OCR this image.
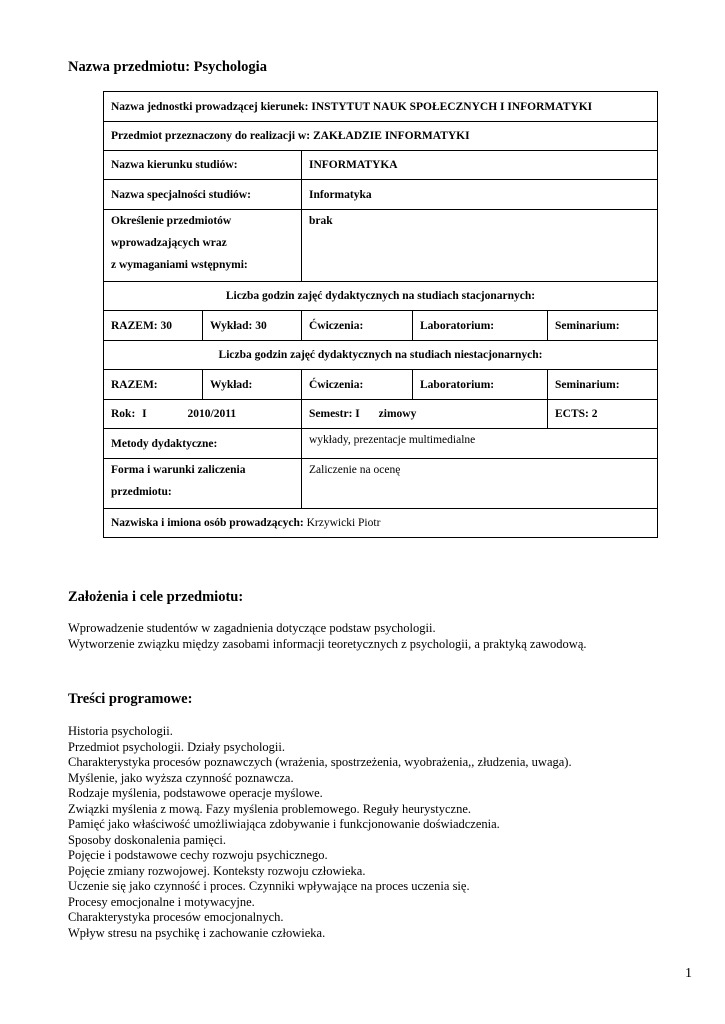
Nazwa przedmiotu: Psychologia
Nazwa jednostki prowadzącej kierunek: INSTYTUT NAUK SPOŁECZNYCH I INFORMATYKI				
Przedmiot przeznaczony do realizacji w: ZAKŁADZIE INFORMATYKI				
Nazwa kierunku studiów:		INFORMATYKA		
Nazwa specjalności studiów:		Informatyka		

Określenie przedmiotów
wprowadzających wraz
z wymaganiami wstępnymi:		brak		
Liczba godzin zajęć dydaktycznych na studiach stacjonarnych:				
RAZEM: 30	Wykład: 30	Ćwiczenia:	Laboratorium:	Seminarium:
Liczba godzin zajęć dydaktycznych na studiach niestacjonarnych:				
RAZEM:	Wykład:	Ćwiczenia:	Laboratorium:	Seminarium:
Rok: I 2010/2011		Semestr: I zimowy		ECTS: 2
Metody dydaktyczne:		wykłady, prezentacje multimedialne		

Forma i warunki zaliczenia
przedmiotu:		Zaliczenie na ocenę		
Nazwiska i imiona osób prowadzących: Krzywicki Piotr				
Założenia i cele przedmiotu:
Wprowadzenie studentów w zagadnienia dotyczące podstaw psychologii.
Wytworzenie związku między zasobami informacji teoretycznych z psychologii, a praktyką zawodową.
Treści programowe:
Historia psychologii.
Przedmiot psychologii. Działy psychologii.
Charakterystyka procesów poznawczych (wrażenia, spostrzeżenia, wyobrażenia,, złudzenia, uwaga).
Myślenie, jako wyższa czynność poznawcza.
Rodzaje myślenia, podstawowe operacje myślowe.
Związki myślenia z mową. Fazy myślenia problemowego. Reguły heurystyczne.
Pamięć jako właściwość umożliwiająca zdobywanie i funkcjonowanie doświadczenia.
Sposoby doskonalenia pamięci.
Pojęcie i podstawowe cechy rozwoju psychicznego.
Pojęcie zmiany rozwojowej. Konteksty rozwoju człowieka.
Uczenie się jako czynność i proces. Czynniki wpływające na proces uczenia się.
Procesy emocjonalne i motywacyjne.
Charakterystyka procesów emocjonalnych.
Wpływ stresu na psychikę i zachowanie człowieka.
1
